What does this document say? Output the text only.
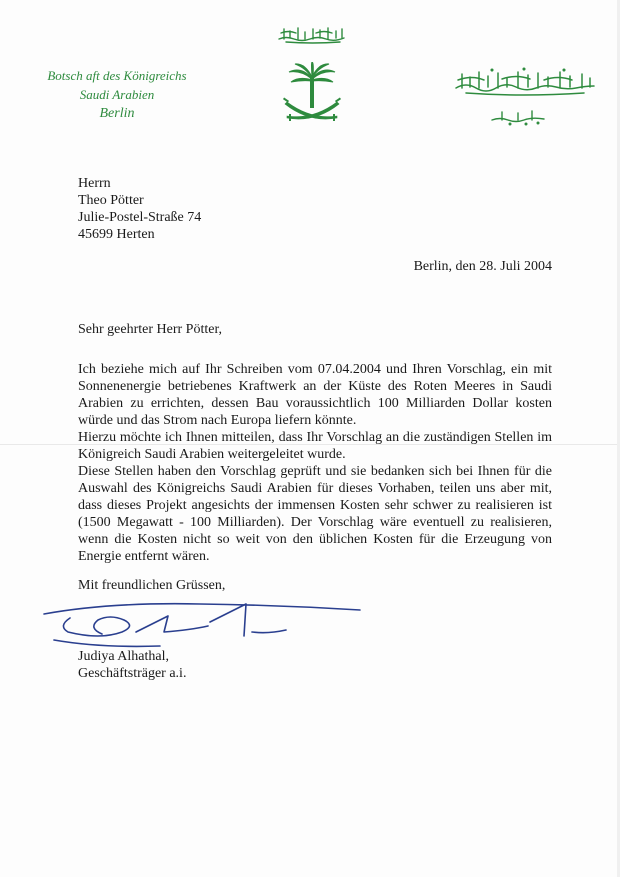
Botsch aft des Königreichs
Saudi Arabien
Berlin
Herrn
Theo Pötter
Julie-Postel-Straße 74
45699 Herten
Berlin, den 28. Juli 2004
Sehr geehrter Herr Pötter,

Ich beziehe mich auf Ihr Schreiben vom 07.04.2004 und Ihren Vorschlag, ein mit Sonnenenergie betriebenes Kraftwerk an der Küste des Roten Meeres in Saudi Arabien zu errichten, dessen Bau voraussichtlich 100 Milliarden Dollar kosten würde und das Strom nach Europa liefern könnte.

Hierzu möchte ich Ihnen mitteilen, dass Ihr Vorschlag an die zuständigen Stellen im Königreich Saudi Arabien weitergeleitet wurde.

Diese Stellen haben den Vorschlag geprüft und sie bedanken sich bei Ihnen für die Auswahl des Königreichs Saudi Arabien für dieses Vorhaben, teilen uns aber mit, dass dieses Projekt angesichts der immensen Kosten sehr schwer zu realisieren ist (1500 Megawatt - 100 Milliarden). Der Vorschlag wäre eventuell zu realisieren, wenn die Kosten nicht so weit von den üblichen Kosten für die Erzeugung von Energie entfernt wären.

Mit freundlichen Grüssen,
Judiya Alhathal,
Geschäftsträger a.i.
